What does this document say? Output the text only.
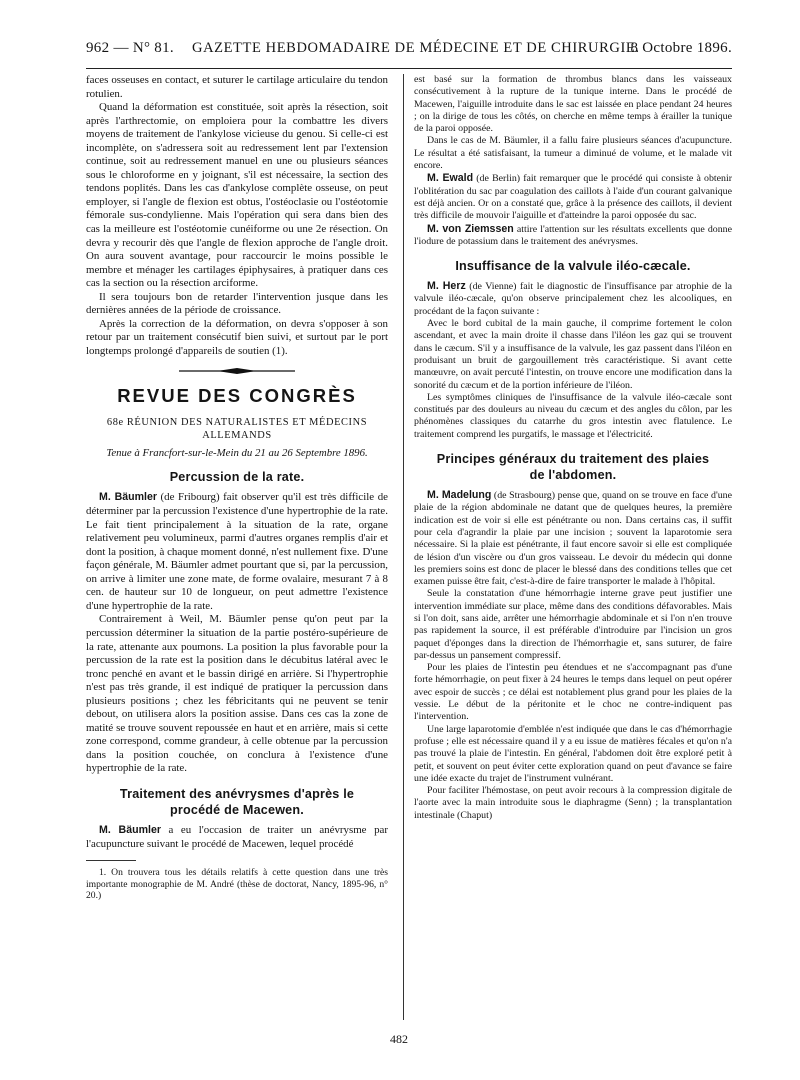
962 — N° 81. GAZETTE HEBDOMADAIRE DE MÉDECINE ET DE CHIRURGIE.
8 Octobre 1896.

faces osseuses en contact, et suturer le cartilage articulaire du tendon rotulien.

Quand la déformation est constituée, soit après la résection, soit après l'arthrectomie, on emploiera pour la combattre les divers moyens de traitement de l'ankylose vicieuse du genou. Si celle-ci est incomplète, on s'adressera soit au redressement lent par l'extension continue, soit au redressement manuel en une ou plusieurs séances sous le chloroforme en y joignant, s'il est nécessaire, la section des tendons poplités. Dans les cas d'ankylose complète osseuse, on peut employer, si l'angle de flexion est obtus, l'ostéoclasie ou l'ostéotomie fémorale sus-condylienne. Mais l'opération qui sera dans bien des cas la meilleure est l'ostéotomie cunéiforme ou une 2e résection. On devra y recourir dès que l'angle de flexion approche de l'angle droit. On aura souvent avantage, pour raccourcir le moins possible le membre et ménager les cartilages épiphysaires, à pratiquer dans ces cas la section ou la résection arciforme.

Il sera toujours bon de retarder l'intervention jusque dans les dernières années de la période de croissance.

Après la correction de la déformation, on devra s'opposer à son retour par un traitement consécutif bien suivi, et surtout par le port longtemps prolongé d'appareils de soutien (1).

REVUE DES CONGRÈS

68e RÉUNION DES NATURALISTES ET MÉDECINS

ALLEMANDS

Tenue à Francfort-sur-le-Mein du 21 au 26 Septembre 1896.

Percussion de la rate.

M. Bäumler (de Fribourg) fait observer qu'il est très difficile de déterminer par la percussion l'existence d'une hypertrophie de la rate. Le fait tient principalement à la situation de la rate, organe relativement peu volumineux, parmi d'autres organes remplis d'air et dont la position, à chaque moment donné, n'est nullement fixe. D'une façon générale, M. Bäumler admet pourtant que si, par la percussion, on arrive à limiter une zone mate, de forme ovalaire, mesurant 7 à 8 cen. de hauteur sur 10 de longueur, on peut admettre l'existence d'une hypertrophie de la rate.

Contrairement à Weil, M. Bäumler pense qu'on peut par la percussion déterminer la situation de la partie postéro-supérieure de la rate, attenante aux poumons. La position la plus favorable pour la percussion de la rate est la position dans le décubitus latéral avec le tronc penché en avant et le bassin dirigé en arrière. Si l'hypertrophie n'est pas très grande, il est indiqué de pratiquer la percussion dans plusieurs positions ; chez les fébricitants qui ne peuvent se tenir debout, on utilisera alors la position assise. Dans ces cas la zone de matité se trouve souvent repoussée en haut et en arrière, mais si cette zone correspond, comme grandeur, à celle obtenue par la percussion dans la position couchée, on conclura à l'existence d'une hypertrophie de la rate.

Traitement des anévrysmes d'après le

procédé de Macewen.

M. Bäumler a eu l'occasion de traiter un anévrysme par l'acupuncture suivant le procédé de Macewen, lequel procédé

1. On trouvera tous les détails relatifs à cette question dans une très importante monographie de M. André (thèse de doctorat, Nancy, 1895-96, n° 20.)

est basé sur la formation de thrombus blancs dans les vaisseaux consécutivement à la rupture de la tunique interne. Dans le procédé de Macewen, l'aiguille introduite dans le sac est laissée en place pendant 24 heures ; on la dirige de tous les côtés, on cherche en même temps à érailler la tunique de la paroi opposée.

Dans le cas de M. Bäumler, il a fallu faire plusieurs séances d'acupuncture. Le résultat a été satisfaisant, la tumeur a diminué de volume, et le malade vit encore.

M. Ewald (de Berlin) fait remarquer que le procédé qui consiste à obtenir l'oblitération du sac par coagulation des caillots à l'aide d'un courant galvanique est déjà ancien. Or on a constaté que, grâce à la présence des caillots, il devient très difficile de mouvoir l'aiguille et d'atteindre la paroi opposée du sac.

M. von Ziemssen attire l'attention sur les résultats excellents que donne l'iodure de potassium dans le traitement des anévrysmes.

Insuffisance de la valvule iléo-cæcale.

M. Herz (de Vienne) fait le diagnostic de l'insuffisance par atrophie de la valvule iléo-cæcale, qu'on observe principalement chez les alcooliques, en procédant de la façon suivante :

Avec le bord cubital de la main gauche, il comprime fortement le colon ascendant, et avec la main droite il chasse dans l'iléon les gaz qui se trouvent dans le cæcum. S'il y a insuffisance de la valvule, les gaz passent dans l'iléon en produisant un bruit de gargouillement très caractéristique. Si avant cette manœuvre, on avait percuté l'intestin, on trouve encore une modification dans la sonorité du cæcum et de la portion inférieure de l'iléon.

Les symptômes cliniques de l'insuffisance de la valvule iléo-cæcale sont constitués par des douleurs au niveau du cæcum et des angles du côlon, par les phénomènes classiques du catarrhe du gros intestin avec flatulence. Le traitement comprend les purgatifs, le massage et l'électricité.

Principes généraux du traitement des plaies

de l'abdomen.

M. Madelung (de Strasbourg) pense que, quand on se trouve en face d'une plaie de la région abdominale ne datant que de quelques heures, la première indication est de voir si elle est pénétrante ou non. Dans certains cas, il suffit pour cela d'agrandir la plaie par une incision ; souvent la laparotomie sera nécessaire. Si la plaie est pénétrante, il faut encore savoir si elle est compliquée de lésion d'un viscère ou d'un gros vaisseau. Le devoir du médecin qui donne les premiers soins est donc de placer le blessé dans des conditions telles que cet examen puisse être fait, c'est-à-dire de faire transporter le malade à l'hôpital.

Seule la constatation d'une hémorrhagie interne grave peut justifier une intervention immédiate sur place, même dans des conditions défavorables. Mais si l'on doit, sans aide, arrêter une hémorrhagie abdominale et si l'on n'en trouve pas rapidement la source, il est préférable d'introduire par l'incision un gros paquet d'éponges dans la direction de l'hémorrhagie et, sans suturer, de faire par-dessus un pansement compressif.

Pour les plaies de l'intestin peu étendues et ne s'accompagnant pas d'une forte hémorrhagie, on peut fixer à 24 heures le temps dans lequel on peut opérer avec espoir de succès ; ce délai est notablement plus grand pour les plaies de la vessie. Le début de la péritonite et le choc ne contre-indiquent pas l'intervention.

Une large laparotomie d'emblée n'est indiquée que dans le cas d'hémorrhagie profuse ; elle est nécessaire quand il y a eu issue de matières fécales et qu'on n'a pas trouvé la plaie de l'intestin. En général, l'abdomen doit être exploré petit à petit, et souvent on peut éviter cette exploration quand on peut d'avance se faire une idée exacte du trajet de l'instrument vulnérant.

Pour faciliter l'hémostase, on peut avoir recours à la compression digitale de l'aorte avec la main introduite sous le diaphragme (Senn) ; la transplantation intestinale (Chaput)

482
